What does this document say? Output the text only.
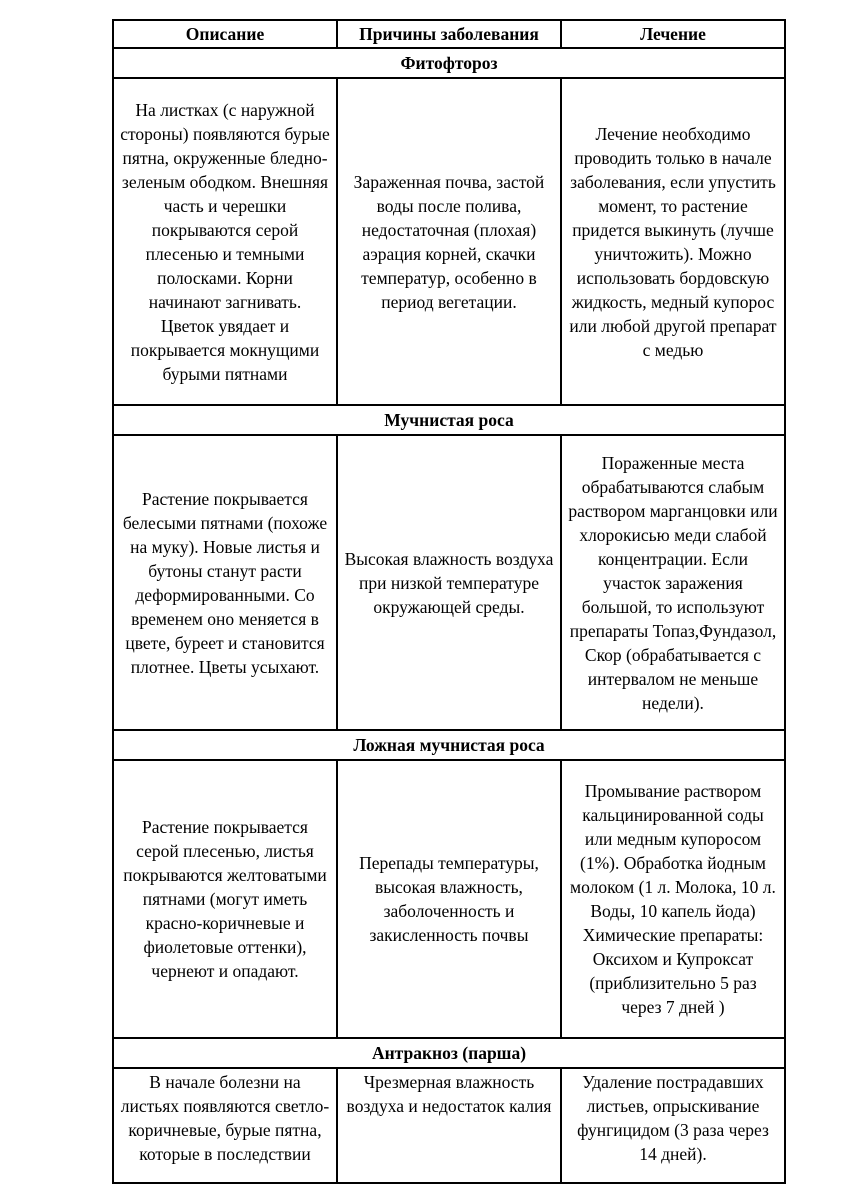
Описание	Причины заболевания	Лечение
Фитофтороз		
На листках (с наружной стороны) появляются бурые пятна, окруженные бледно-зеленым ободком. Внешняя часть и черешки покрываются серой плесенью и темными полосками. Корни начинают загнивать. Цветок увядает и покрывается мокнущими бурыми пятнами	Зараженная почва, застой воды после полива, недостаточная (плохая) аэрация корней, скачки температур, особенно в период вегетации.	Лечение необходимо проводить только в начале заболевания, если упустить момент, то растение придется выкинуть (лучше уничтожить). Можно использовать бордовскую жидкость, медный купорос или любой другой препарат с медью
Мучнистая роса		
Растение покрывается белесыми пятнами (похоже на муку). Новые листья и бутоны станут расти деформированными. Со временем оно меняется в цвете, буреет и становится плотнее. Цветы усыхают.	Высокая влажность воздуха при низкой температуре окружающей среды.	Пораженные места обрабатываются слабым раствором марганцовки или хлорокисью меди слабой концентрации. Если участок заражения большой, то используют препараты Топаз,Фундазол, Скор (обрабатывается с интервалом не меньше недели).
Ложная мучнистая роса		
Растение покрывается серой плесенью, листья покрываются желтоватыми пятнами (могут иметь красно-коричневые и фиолетовые оттенки), чернеют и опадают.	Перепады температуры, высокая влажность, заболоченность и закисленность почвы	Промывание раствором кальцинированной соды или медным купоросом (1%). Обработка йодным молоком (1 л. Молока, 10 л. Воды, 10 капель йода) Химические препараты: Оксихом и Купроксат (приблизительно 5 раз через 7 дней )
Антракноз (парша)		
В начале болезни на листьях появляются светло-коричневые, бурые пятна, которые в последствии	Чрезмерная влажность воздуха и недостаток калия	Удаление пострадавших листьев, опрыскивание фунгицидом (3 раза через 14 дней).
